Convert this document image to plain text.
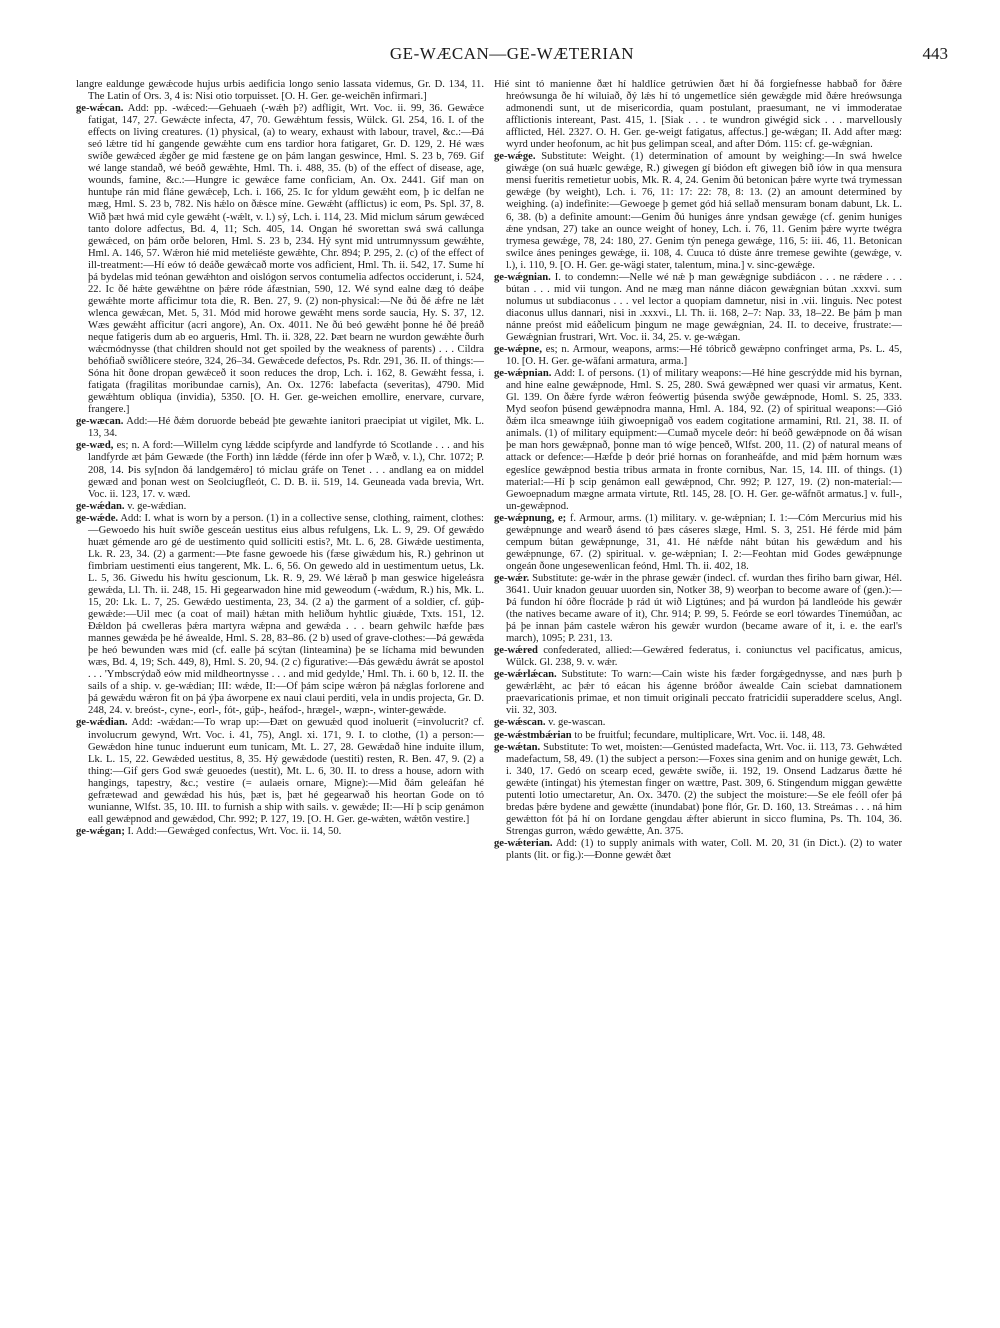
GE-WÆCAN—GE-WÆTERIAN	443

langre ealdunge gewǽcode hujus urbis aedificia longo senio lassata videmus, Gr. D. 134, 11. The Latin of Ors. 3, 4 is: Nisi otio torpuisset. [O. H. Ger. ge-weichēn infirmari.]

ge-wǽcan. Add: pp. -wǽced:—Gehuaeh (-wǽh þ?) adfligit, Wrt. Voc. ii. 99, 36. Gewǽce fatigat, 147, 27. Gewǽcte infecta, 47, 70. Gewǽhtum fessis, Wülck. Gl. 254, 16. I. of the effects on living creatures. (1) physical, (a) to weary, exhaust with labour, travel, &c.:—Ðá seó lǽtre tíd hí gangende gewǽhte cum ens tardior hora fatigaret, Gr. D. 129, 2. Hé wæs swíðe gewǽced ǽgðer ge mid fæstene ge on þám langan geswince, Hml. S. 23 b, 769. Gif wé lange standað, wé beóð gewǽhte, Hml. Th. i. 488, 35. (b) of the effect of disease, age, wounds, famine, &c.:—Hungre ic gewǽce fame conficiam, An. Ox. 2441. Gif man on huntuþe rán mid fláne gewǽceþ, Lch. i. 166, 25. Ic for yldum gewǽht eom, þ ic delfan ne mæg, Hml. S. 23 b, 782. Nis hǽlo on ðǽsce míne. Gewǽht (afflictus) ic eom, Ps. Spl. 37, 8. Wið þæt hwá mid cyle gewǽht (-wǽlt, v. l.) sý, Lch. i. 114, 23. Mid miclum sárum gewǽced tanto dolore adfectus, Bd. 4, 11; Sch. 405, 14. Ongan hé sworettan swá swá callunga gewǽced, on þám orðe beloren, Hml. S. 23 b, 234. Hý synt mid untrumnyssum gewǽhte, Hml. A. 146, 57. Wǽron hié mid meteliéste gewǽhte, Chr. 894; P. 295, 2. (c) of the effect of ill-treatment:—Hí eów tó deáðe gewǽcað morte vos adficient, Hml. Th. ii. 542, 17. Sume hí þá bydelas mid teónan gewǽhton and oislógon servos contumelia adfectos occiderunt, i. 524, 22. Ic ðé hǽte gewǽhtne on þǽre róde áfæstnian, 590, 12. Wé synd ealne dæg tó deáþe gewǽhte morte afficimur tota die, R. Ben. 27, 9. (2) non-physical:—Ne ðú ðé ǽfre ne lǽt wlenca gewǽcan, Met. 5, 31. Mód mid horowe gewǽht mens sorde saucia, Hy. S. 37, 12. Wæs gewǽht afficitur (acri angore), An. Ox. 4011. Ne ðú beó gewǽht þonne hé ðé þreáð neque fatigeris dum ab eo argueris, Hml. Th. ii. 328, 22. Þæt bearn ne wurdon gewǽhte ðurh wǽcmódnysse (that children should not get spoiled by the weakness of parents) . . . Cildra behófiað swíðlicere steóre, 324, 26–34. Gewǽcede defectos, Ps. Rdr. 291, 36. II. of things:—Sóna hit ðone dropan gewǽceð it soon reduces the drop, Lch. i. 162, 8. Gewǽht fessa, i. fatigata (fragilitas moribundae carnis), An. Ox. 1276: labefacta (severitas), 4790. Mid gewǽhtum obliqua (invidia), 5350. [O. H. Ger. ge-weichen emollire, enervare, curvare, frangere.]

ge-wæcan. Add:—Hé ðǽm doruorde bebeád þte gewæhte ianitori praecipiat ut vigilet, Mk. L. 13, 34.

ge-wæd, es; n. A ford:—Willelm cyng lǽdde scipfyrde and landfyrde tó Scotlande . . . and his landfyrde æt þám Gewæde (the Forth) inn lǽdde (férde inn ofer þ Wæð, v. l.), Chr. 1072; P. 208, 14. Þis sy[ndon ðá landgemǽro] tó miclau gráfe on Tenet . . . andlang ea on middel gewæd and þonan west on Seolciugfleót, C. D. B. ii. 519, 14. Geuneada vada brevia, Wrt. Voc. ii. 123, 17. v. wæd.

ge-wǽdan. v. ge-wǽdian.

ge-wǽde. Add: I. what is worn by a person. (1) in a collective sense, clothing, raiment, clothes:—Gewoedo his huít swíðe gesceán uestitus eius albus refulgens, Lk. L. 9, 29. Of gewǽdo huæt gémende aro gé de uestimento quid solliciti estis?, Mt. L. 6, 28. Giwǽde uestimenta, Lk. R. 23, 34. (2) a garment:—Þte fasne gewoede his (fæse giwǽdum his, R.) gehrinon ut fimbriam uestimenti eius tangerent, Mk. L. 6, 56. On gewedo ald in uestimentum uetus, Lk. L. 5, 36. Giwedu his hwítu gescionum, Lk. R. 9, 29. Wé lǽrað þ man geswice higeleásra gewǽda, Ll. Th. ii. 248, 15. Hi gegearwadon hine mid geweodum (-wǽdum, R.) his, Mk. L. 15, 20: Lk. L. 7, 25. Gewǽdo uestimenta, 23, 34. (2 a) the garment of a soldier, cf. gúþ-gewǽde:—Uil mec (a coat of mail) hǽtan mith heliðum hyhtlic giuǽde, Txts. 151, 12. Ðǽldon þá cwelleras þǽra martyra wǽpna and gewǽda . . . bearn gehwilc hæfde þæs mannes gewǽda þe hé áwealde, Hml. S. 28, 83–86. (2 b) used of grave-clothes:—Þá gewǽda þe heó bewunden wæs mid (cf. ealle þá scýtan (linteamina) þe se líchama mid bewunden wæs, Bd. 4, 19; Sch. 449, 8), Hml. S. 20, 94. (2 c) figurative:—Ðás gewǽdu áwrát se apostol . . . 'Ymbscrýdað eów mid mildheortnysse . . . and mid gedylde,' Hml. Th. i. 60 b, 12. II. the sails of a ship. v. ge-wǽdian; III: wǽde, II:—Of þám scipe wǽron þá nǽglas forlorene and þá gewǽdu wǽron fit on þá ýþa áworpene ex naui claui perditi, vela in undis projecta, Gr. D. 248, 24. v. breóst-, cyne-, eorl-, fót-, gúþ-, heáfod-, hrægel-, wæpn-, winter-gewǽde.

ge-wǽdian. Add: -wǽdan:—To wrap up:—Ðæt on gewuǽd quod inoluerit (=involucrit? cf. involucrum gewynd, Wrt. Voc. i. 41, 75), Angl. xi. 171, 9. I. to clothe, (1) a person:—Gewǽdon hine tunuc induerunt eum tunicam, Mt. L. 27, 28. Gewǽdað hine induite illum, Lk. L. 15, 22. Gewǽded uestitus, 8, 35. Hý gewǽdode (uestiti) resten, R. Ben. 47, 9. (2) a thing:—Gif gers God swǽ geuoedes (uestit), Mt. L. 6, 30. II. to dress a house, adorn with hangings, tapestry, &c.; vestire (= aulaeis ornare, Migne):—Mid ðám geleáfan hé gefrætewad and gewǽdad his hús, þæt is, þæt hé gegearwað his heortan Gode on tó wunianne, Wlfst. 35, 10. III. to furnish a ship with sails. v. gewǽde; II:—Hí þ scip genámon eall gewǽpnod and gewǽdod, Chr. 992; P. 127, 19. [O. H. Ger. ge-wǽten, wǽtōn vestire.]

ge-wǽgan; I. Add:—Gewǽged confectus, Wrt. Voc. ii. 14, 50.

Hié sint tó manienne ðæt hí haldlíce getrúwien ðæt hí ðá forgiefnesse habbað for ðǽre hreówsunga ðe hí wiluiað, ðý lǽs hí tó ungemetlíce sién gewǽgde mid ðǽre hreówsunga admonendi sunt, ut de misericordia, quam postulant, praesumant, ne vi immoderatae afflictionis intereant, Past. 415, 1. [Siak . . . te wundron giwégid sick . . . marvellously afflicted, Hél. 2327. O. H. Ger. ge-weigt fatigatus, affectus.] ge-wǽgan; II. Add after mæg: wyrd under heofonum, ac hit þus gelimpan sceal, and after Dóm. 115: cf. ge-wǽgnian.

ge-wǽge. Substitute: Weight. (1) determination of amount by weighing:—In swá hwelce giwǽge (on suá huælc gewǽge, R.) giwegen gí biódon eft giwegen bið íów in qua mensura mensi fueritis remetietur uobis, Mk. R. 4, 24. Genim ðú betonican þǽre wyrte twá trymessan gewǽge (by weight), Lch. i. 76, 11: 17: 22: 78, 8: 13. (2) an amount determined by weighing. (a) indefinite:—Gewoege þ gemet gód hiá sellað mensuram bonam dabunt, Lk. L. 6, 38. (b) a definite amount:—Genim ðú huniges ánre yndsan gewǽge (cf. genim huniges ǽne yndsan, 27) take an ounce weight of honey, Lch. i. 76, 11. Genim þǽre wyrte twégra trymesa gewǽge, 78, 24: 180, 27. Genim týn penega gewǽge, 116, 5: iii. 46, 11. Betonican swilce ánes peninges gewǽge, ii. 108, 4. Cuuca tó dúste ánre tremese gewihte (gewǽge, v. l.), i. 110, 9. [O. H. Ger. ge-wägi stater, talentum, mina.] v. sinc-gewǽge.

ge-wǽgnian. I. to condemn:—Nelle wé nǽ þ man gewǽgnige subdiácon . . . ne rǽdere . . . bútan . . . mid vii tungon. And ne mæg man nánne diácon gewǽgnian bútan .xxxvi. sum nolumus ut subdiaconus . . . vel lector a quopiam damnetur, nisi in .vii. linguis. Nec potest diaconus ullus dannari, nisi in .xxxvi., Ll. Th. ii. 168, 2–7: Nap. 33, 18–22. Be þám þ man nánne preóst mid eáðelicum þingum ne mage gewǽgnian, 24. II. to deceive, frustrate:—Gewǽgnian frustrari, Wrt. Voc. ii. 34, 25. v. ge-wǽgan.

ge-wǽpne, es; n. Armour, weapons, arms:—Hé tóbricð gewǽpno confringet arma, Ps. L. 45, 10. [O. H. Ger. ge-wāfani armatura, arma.]

ge-wǽpnian. Add: I. of persons. (1) of military weapons:—Hé hine gescrýdde mid his byrnan, and hine ealne gewǽpnode, Hml. S. 25, 280. Swá gewǽpned wer quasi vir armatus, Kent. Gl. 139. On ðǽre fyrde wǽron feówertig þúsenda swýðe gewǽpnode, Homl. S. 25, 333. Myd seofon þúsend gewǽpnodra manna, Hml. A. 184, 92. (2) of spiritual weapons:—Gió ðǽm ilca smeawnge iúih giwoepnigað vos eadem cogitatione armamini, Rtl. 21, 38. II. of animals. (1) of military equipment:—Cumað mycele deór: hí beóð gewǽpnode on ðá wísan þe man hors gewǽpnað, þonne man tó wíge þenceð, Wlfst. 200, 11. (2) of natural means of attack or defence:—Hæfde þ deór þrié hornas on foranheáfde, and mid þǽm hornum wæs egeslíce gewǽpnod bestia tribus armata in fronte cornibus, Nar. 15, 14. III. of things. (1) material:—Hí þ scip genámon eall gewǽpnod, Chr. 992; P. 127, 19. (2) non-material:—Gewoepnadum mægne armata virtute, Rtl. 145, 28. [O. H. Ger. ge-wāfnōt armatus.] v. full-, un-gewǽpnod.

ge-wǽpnung, e; f. Armour, arms. (1) military. v. ge-wǽpnian; I. 1:—Cóm Mercurius mid his gewǽpnunge and wearð ásend tó þæs cáseres slæge, Hml. S. 3, 251. Hé férde mid þám cempum bútan gewǽpnunge, 31, 41. Hé nǽfde náht bútan his gewǽdum and his gewǽpnunge, 67. (2) spiritual. v. ge-wǽpnian; I. 2:—Feohtan mid Godes gewǽpnunge ongeán ðone ungesewenlican feónd, Hml. Th. ii. 402, 18.

ge-wǽr. Substitute: ge-wǽr in the phrase gewǽr (indecl. cf. wurdan thes firiho barn giwar, Hél. 3641. Uuir knadon geuuar uuorden sin, Notker 38, 9) weorþan to become aware of (gen.):—Þá fundon hí óðre flocráde þ rád út wið Ligtúnes; and þá wurdon þá landleóde his gewǽr (the natives became aware of it), Chr. 914; P. 99, 5. Feórde se eorl tówardes Tínemúðan, ac þá þe innan þám castele wǽron his gewǽr wurdon (became aware of it, i. e. the earl's march), 1095; P. 231, 13.

ge-wǽred confederated, allied:—Gewǽred federatus, i. coniunctus vel pacificatus, amicus, Wülck. Gl. 238, 9. v. wǽr.

ge-wǽrlǽcan. Substitute: To warn:—Cain wiste his fæder forgǽgednysse, and næs þurh þ gewǽrlǽht, ac þǽr tó eácan his ágenne bróðor áwealde Cain sciebat damnationem praevaricationis primae, et non timuit originali peccato fratricidii superaddere scelus, Angl. vii. 32, 303.

ge-wǽscan. v. ge-wascan.

ge-wǽstmbǽrian to be fruitful; fecundare, multiplicare, Wrt. Voc. ii. 148, 48.

ge-wǽtan. Substitute: To wet, moisten:—Genústed madefacta, Wrt. Voc. ii. 113, 73. Gehwǽted madefactum, 58, 49. (1) the subject a person:—Foxes sina genim and on hunige gewǽt, Lch. i. 340, 17. Gedó on scearp eced, gewǽte swíðe, ii. 192, 19. Onsend Ladzarus ðætte hé gewǽte (intingat) his ýtemestan finger on wættre, Past. 309, 6. Stingendum miggan gewǽtte putenti lotio umectaretur, An. Ox. 3470. (2) the subject the moisture:—Se ele feóll ofer þá bredas þǽre bydene and gewǽtte (inundabat) þone flór, Gr. D. 160, 13. Streámas . . . ná him gewǽtton fót þá hí on Iordane gengdau ǽfter abierunt in sicco flumina, Ps. Th. 104, 36. Strengas gurron, wǽdo gewǽtte, An. 375.

ge-wǽterian. Add: (1) to supply animals with water, Coll. M. 20, 31 (in Dict.). (2) to water plants (lit. or fig.):—Ðonne gewǽt ðæt
